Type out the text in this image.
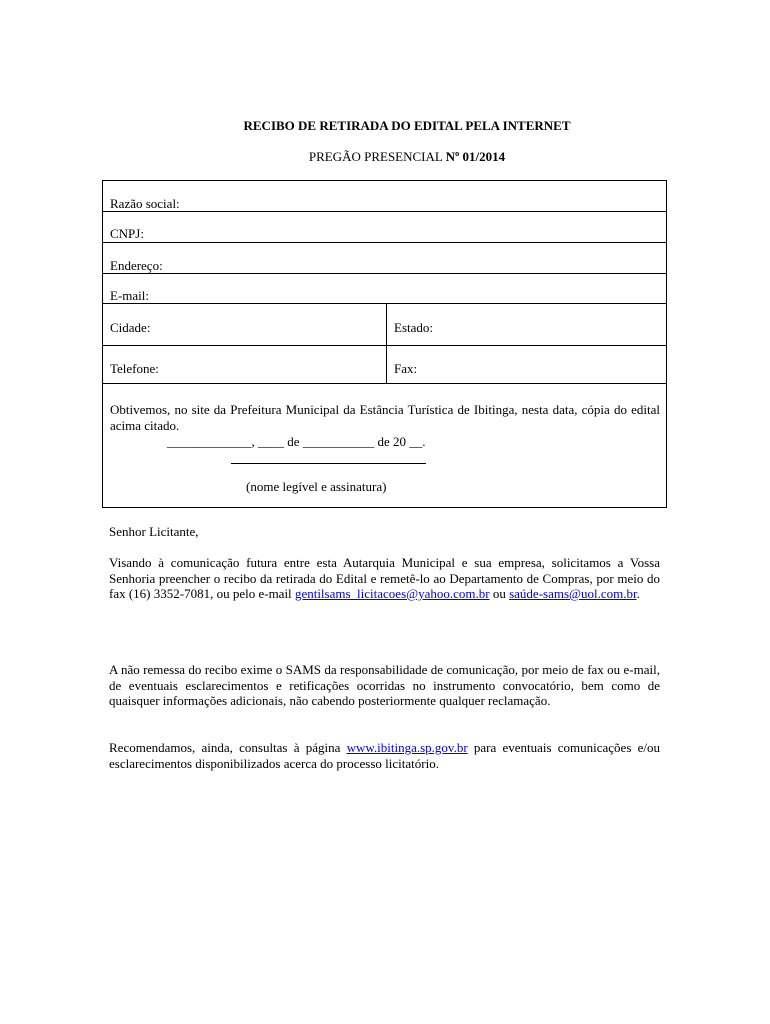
RECIBO DE RETIRADA DO EDITAL PELA INTERNET
PREGÃO PRESENCIAL Nº 01/2014
Razão social:
CNPJ:
Endereço:
E-mail:
Cidade:	Estado:
Telefone:	Fax:
Obtivemos, no site da Prefeitura Municipal da Estância Turística de Ibitinga, nesta data, cópia do edital acima citado.
_____________, ____ de ___________ de 20 __.
(nome legível e assinatura)
Senhor Licitante,
Visando à comunicação futura entre esta Autarquia Municipal e sua empresa, solicitamos a Vossa Senhoria preencher o recibo da retirada do Edital e remetê-lo ao Departamento de Compras, por meio do fax (16) 3352-7081, ou pelo e-mail gentilsams_licitacoes@yahoo.com.br ou saúde-sams@uol.com.br.
A não remessa do recibo exime o SAMS da responsabilidade de comunicação, por meio de fax ou e-mail, de eventuais esclarecimentos e retificações ocorridas no instrumento convocatório, bem como de quaisquer informações adicionais, não cabendo posteriormente qualquer reclamação.
Recomendamos, ainda, consultas à página www.ibitinga.sp.gov.br para eventuais comunicações e/ou esclarecimentos disponibilizados acerca do processo licitatório.
